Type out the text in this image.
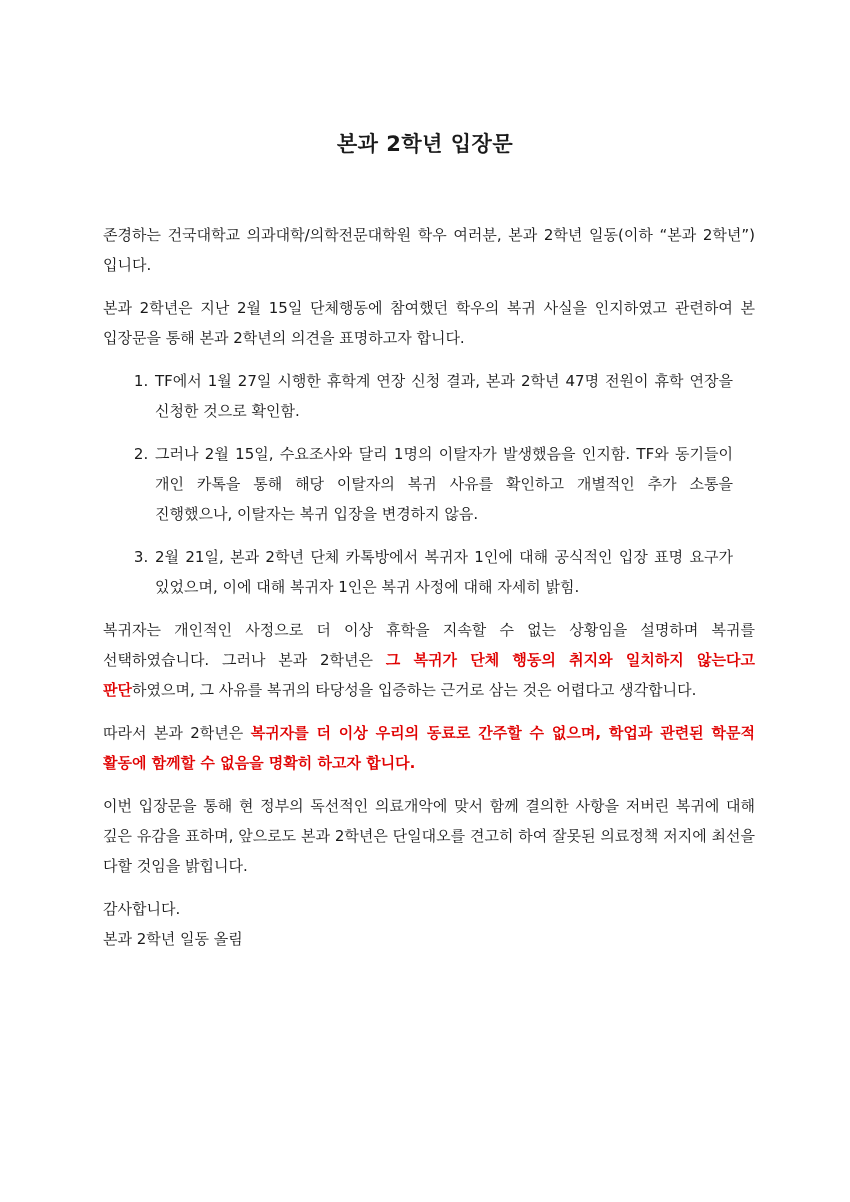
본과 2학년 입장문

존경하는 건국대학교 의과대학/의학전문대학원 학우 여러분, 본과 2학년 일동(이하 “본과 2학년”)입니다.

본과 2학년은 지난 2월 15일 단체행동에 참여했던 학우의 복귀 사실을 인지하였고 관련하여 본 입장문을 통해 본과 2학년의 의견을 표명하고자 합니다.

1. TF에서 1월 27일 시행한 휴학계 연장 신청 결과, 본과 2학년 47명 전원이 휴학 연장을 신청한 것으로 확인함.
2. 그러나 2월 15일, 수요조사와 달리 1명의 이탈자가 발생했음을 인지함. TF와 동기들이 개인 카톡을 통해 해당 이탈자의 복귀 사유를 확인하고 개별적인 추가 소통을 진행했으나, 이탈자는 복귀 입장을 변경하지 않음.
3. 2월 21일, 본과 2학년 단체 카톡방에서 복귀자 1인에 대해 공식적인 입장 표명 요구가 있었으며, 이에 대해 복귀자 1인은 복귀 사정에 대해 자세히 밝힘.

복귀자는 개인적인 사정으로 더 이상 휴학을 지속할 수 없는 상황임을 설명하며 복귀를 선택하였습니다. 그러나 본과 2학년은 그 복귀가 단체 행동의 취지와 일치하지 않는다고 판단하였으며, 그 사유를 복귀의 타당성을 입증하는 근거로 삼는 것은 어렵다고 생각합니다.

따라서 본과 2학년은 복귀자를 더 이상 우리의 동료로 간주할 수 없으며, 학업과 관련된 학문적 활동에 함께할 수 없음을 명확히 하고자 합니다.

이번 입장문을 통해 현 정부의 독선적인 의료개악에 맞서 함께 결의한 사항을 저버린 복귀에 대해 깊은 유감을 표하며, 앞으로도 본과 2학년은 단일대오를 견고히 하여 잘못된 의료정책 저지에 최선을 다할 것임을 밝힙니다.

감사합니다.

본과 2학년 일동 올림
